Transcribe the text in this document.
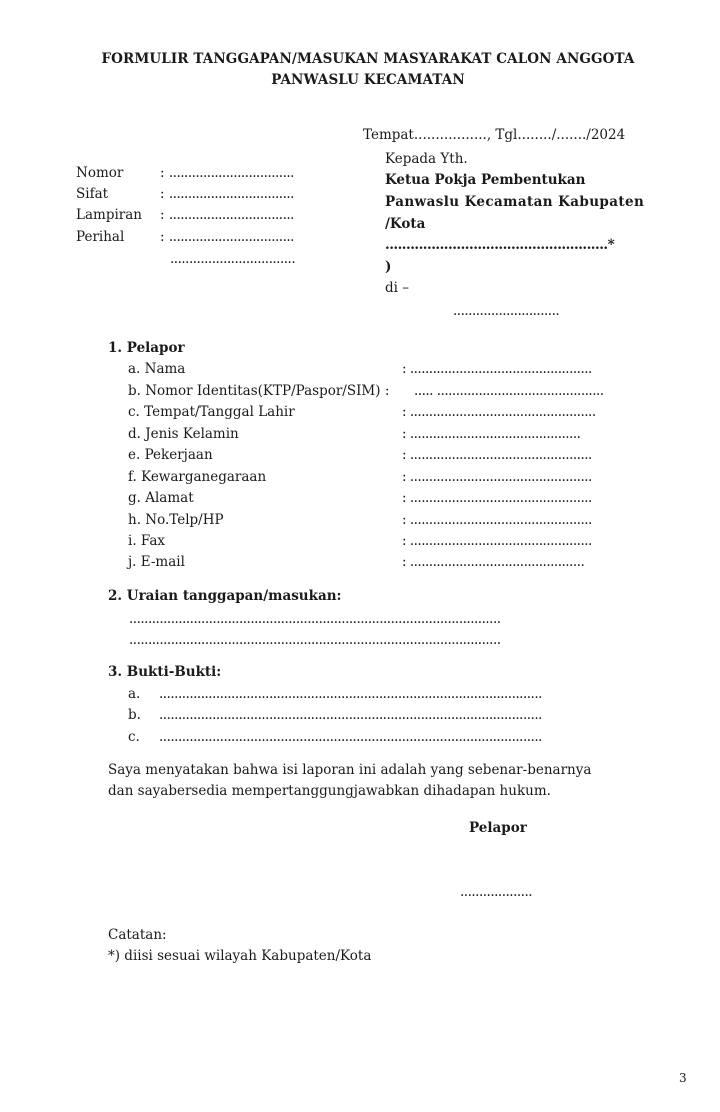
FORMULIR TANGGAPAN/MASUKAN MASYARAKAT CALON ANGGOTA
PANWASLU KECAMATAN
Tempat................., Tgl......../......./2024
Nomor	: .................................
Sifat	: .................................
Lampiran : .................................
Perihal	: .................................
.................................
Kepada Yth.
Ketua Pokja Pembentukan
Panwaslu Kecamatan Kabupaten
/Kota
.....................................................*
)
di –
............................
1. Pelapor
a. Nama	: ................................................
b. Nomor Identitas(KTP/Paspor/SIM) : ..... ............................................
c. Tempat/Tanggal Lahir	: .................................................
d. Jenis Kelamin	: .............................................
e. Pekerjaan	: ................................................
f. Kewarganegaraan	: ................................................
g. Alamat	: ................................................
h. No.Telp/HP	: ................................................
i. Fax	: ................................................
j. E-mail	: ..............................................
2. Uraian tanggapan/masukan:
..................................................................................................
..................................................................................................
3. Bukti-Bukti:
a. .....................................................................................................
b. .....................................................................................................
c. .....................................................................................................
Saya menyatakan bahwa isi laporan ini adalah yang sebenar-benarnya
dan sayabersedia mempertanggungjawabkan dihadapan hukum.
Pelapor
...................
Catatan:
*) diisi sesuai wilayah Kabupaten/Kota
3
